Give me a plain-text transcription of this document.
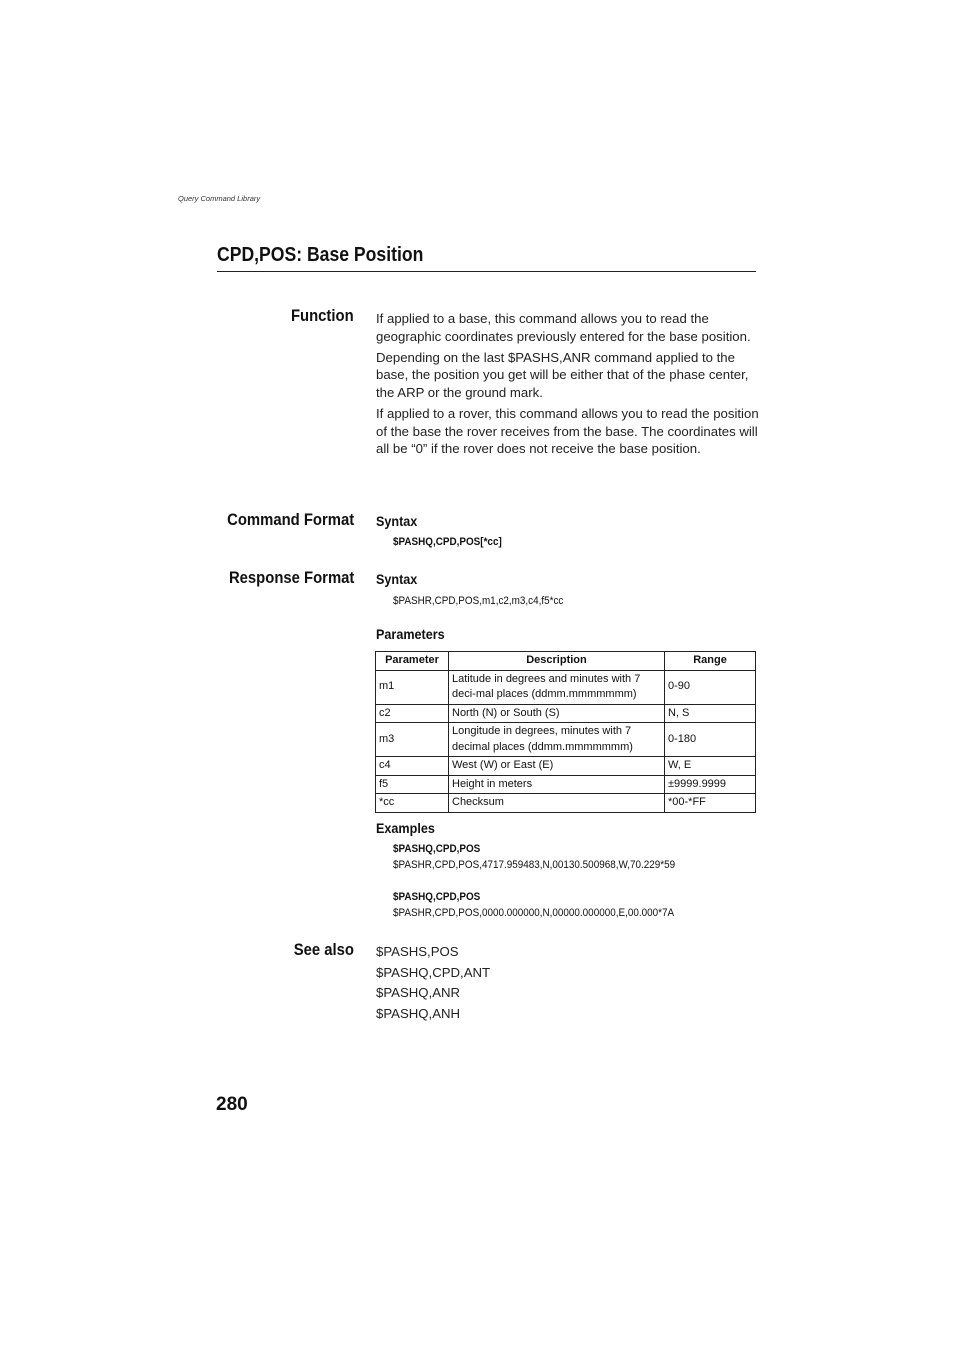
Query Command Library
CPD,POS: Base Position
Function If applied to a base, this command allows you to read the geographic coordinates previously entered for the base position.

Depending on the last $PASHS,ANR command applied to the base, the position you get will be either that of the phase center, the ARP or the ground mark.

If applied to a rover, this command allows you to read the position of the base the rover receives from the base. The coordinates will all be “0” if the rover does not receive the base position.

Command Format Syntax
$PASHQ,CPD,POS[*cc]
Response Format Syntax
$PASHR,CPD,POS,m1,c2,m3,c4,f5*cc
Parameters
Parameter	Description	Range
m1	Latitude in degrees and minutes with 7 deci-mal places (ddmm.mmmmmmm)	0-90
c2	North (N) or South (S)	N, S
m3	Longitude in degrees, minutes with 7 decimal places (ddmm.mmmmmmm)	0-180
c4	West (W) or East (E)	W, E
f5	Height in meters	±9999.9999
*cc	Checksum	*00-*FF
Examples
$PASHQ,CPD,POS
$PASHR,CPD,POS,4717.959483,N,00130.500968,W,70.229*59
$PASHQ,CPD,POS
$PASHR,CPD,POS,0000.000000,N,00000.000000,E,00.000*7A
See also $PASHS,POS
$PASHQ,CPD,ANT
$PASHQ,ANR
$PASHQ,ANH
280
